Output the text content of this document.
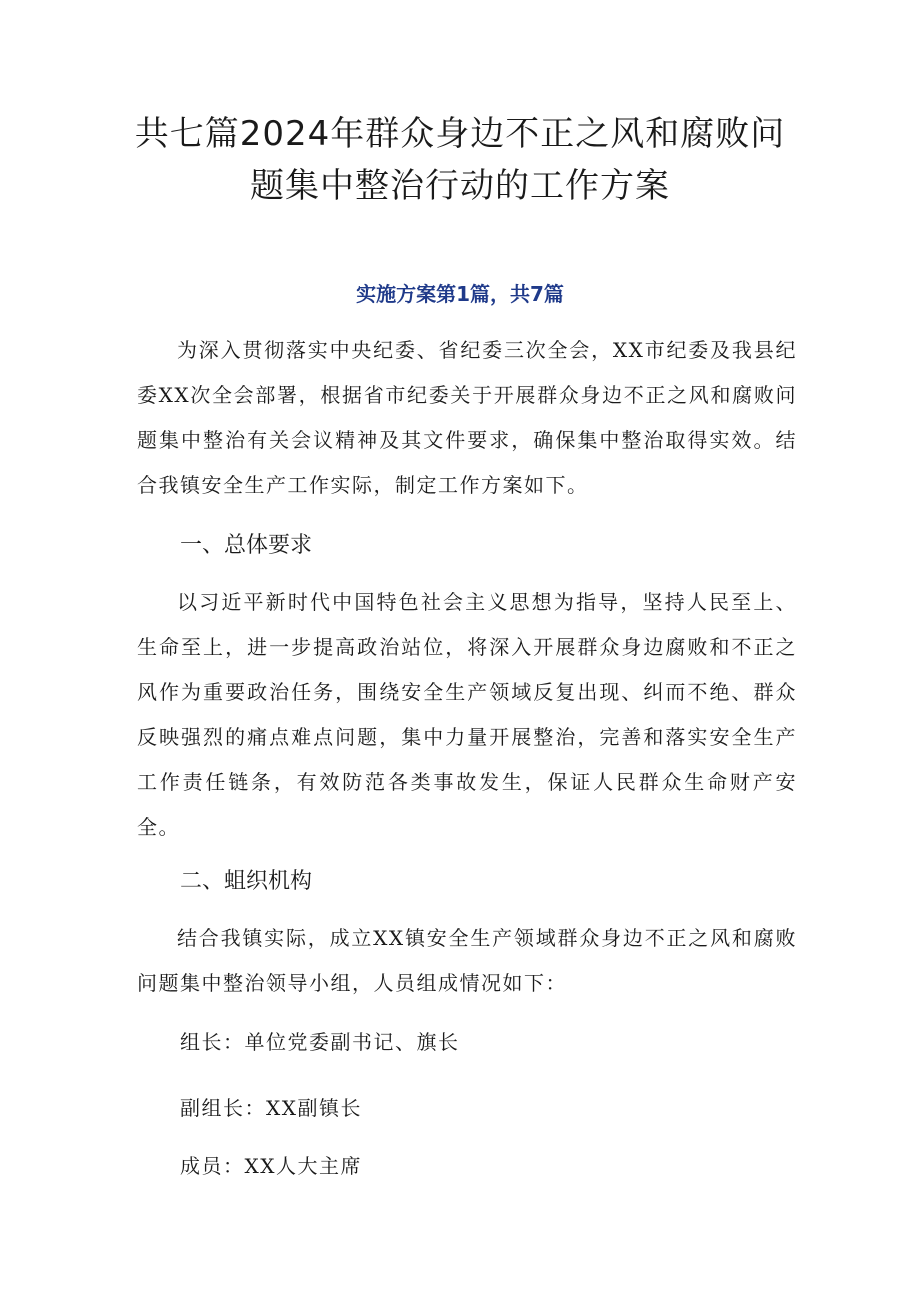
共七篇2024年群众身边不正之风和腐败问题集中整治行动的工作方案
实施方案第1篇，共7篇

为深入贯彻落实中央纪委、省纪委三次全会，XX市纪委及我县纪委XX次全会部署，根据省市纪委关于开展群众身边不正之风和腐败问题集中整治有关会议精神及其文件要求，确保集中整治取得实效。结合我镇安全生产工作实际，制定工作方案如下。

一、总体要求

以习近平新时代中国特色社会主义思想为指导，坚持人民至上、生命至上，进一步提高政治站位，将深入开展群众身边腐败和不正之风作为重要政治任务，围绕安全生产领域反复出现、纠而不绝、群众反映强烈的痛点难点问题，集中力量开展整治，完善和落实安全生产工作责任链条，有效防范各类事故发生，保证人民群众生命财产安全。

二、蛆织机构

结合我镇实际，成立XX镇安全生产领域群众身边不正之风和腐败问题集中整治领导小组，人员组成情况如下：

组长：单位党委副书记、旗长

副组长：XX副镇长

成员：XX人大主席
